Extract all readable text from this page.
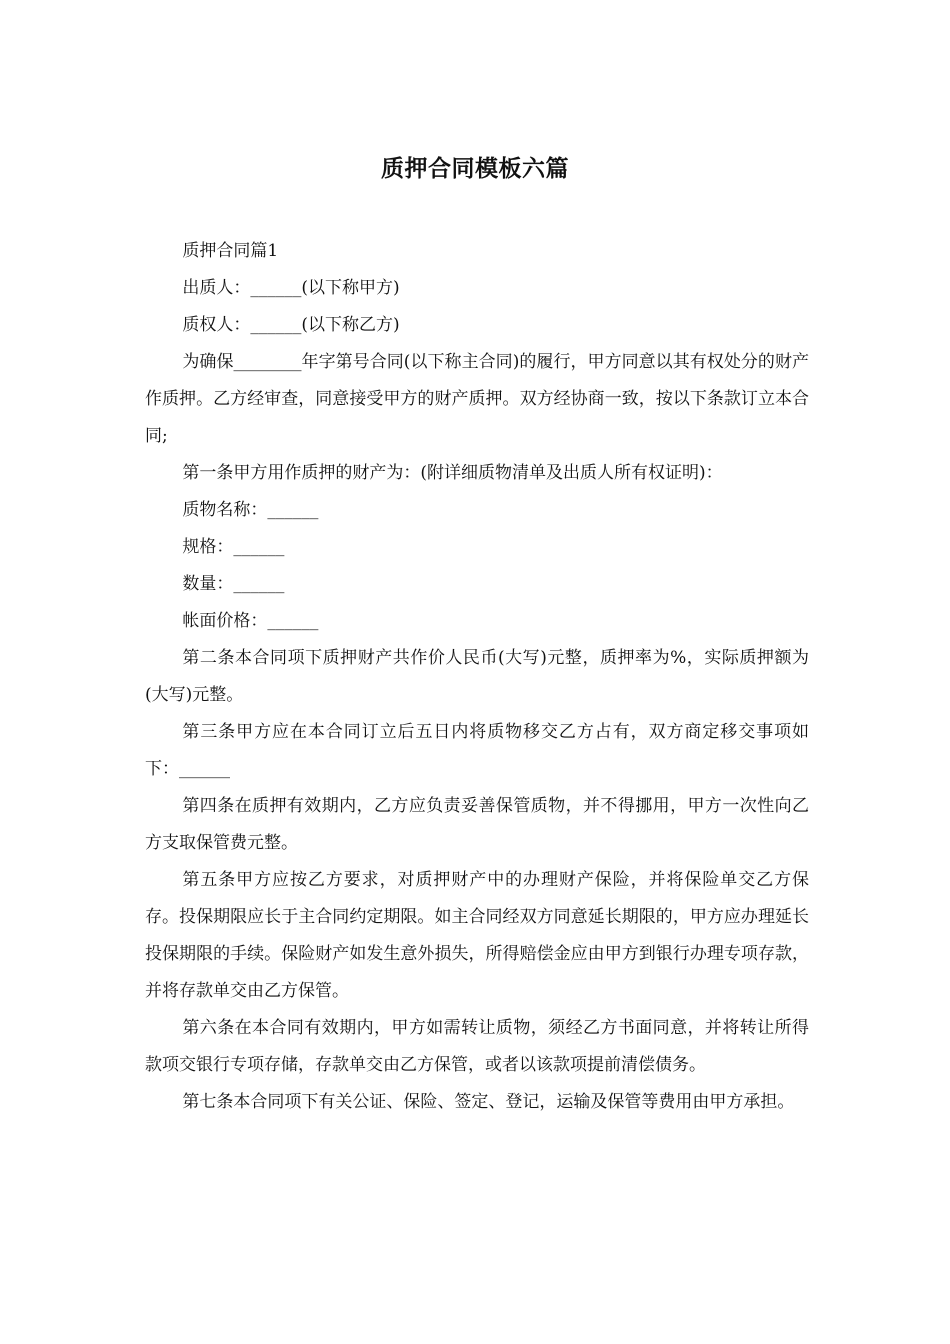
质押合同模板六篇

质押合同篇1

出质人：______(以下称甲方)

质权人：______(以下称乙方)

为确保________年字第号合同(以下称主合同)的履行，甲方同意以其有权处分的财产作质押。乙方经审查，同意接受甲方的财产质押。双方经协商一致，按以下条款订立本合同;

第一条甲方用作质押的财产为：(附详细质物清单及出质人所有权证明)：

质物名称：______

规格：______

数量：______

帐面价格：______

第二条本合同项下质押财产共作价人民币(大写)元整，质押率为%，实际质押额为(大写)元整。

第三条甲方应在本合同订立后五日内将质物移交乙方占有，双方商定移交事项如下：______

第四条在质押有效期内，乙方应负责妥善保管质物，并不得挪用，甲方一次性向乙方支取保管费元整。

第五条甲方应按乙方要求，对质押财产中的办理财产保险，并将保险单交乙方保存。投保期限应长于主合同约定期限。如主合同经双方同意延长期限的，甲方应办理延长投保期限的手续。保险财产如发生意外损失，所得赔偿金应由甲方到银行办理专项存款，并将存款单交由乙方保管。

第六条在本合同有效期内，甲方如需转让质物，须经乙方书面同意，并将转让所得款项交银行专项存储，存款单交由乙方保管，或者以该款项提前清偿债务。

第七条本合同项下有关公证、保险、签定、登记，运输及保管等费用由甲方承担。
